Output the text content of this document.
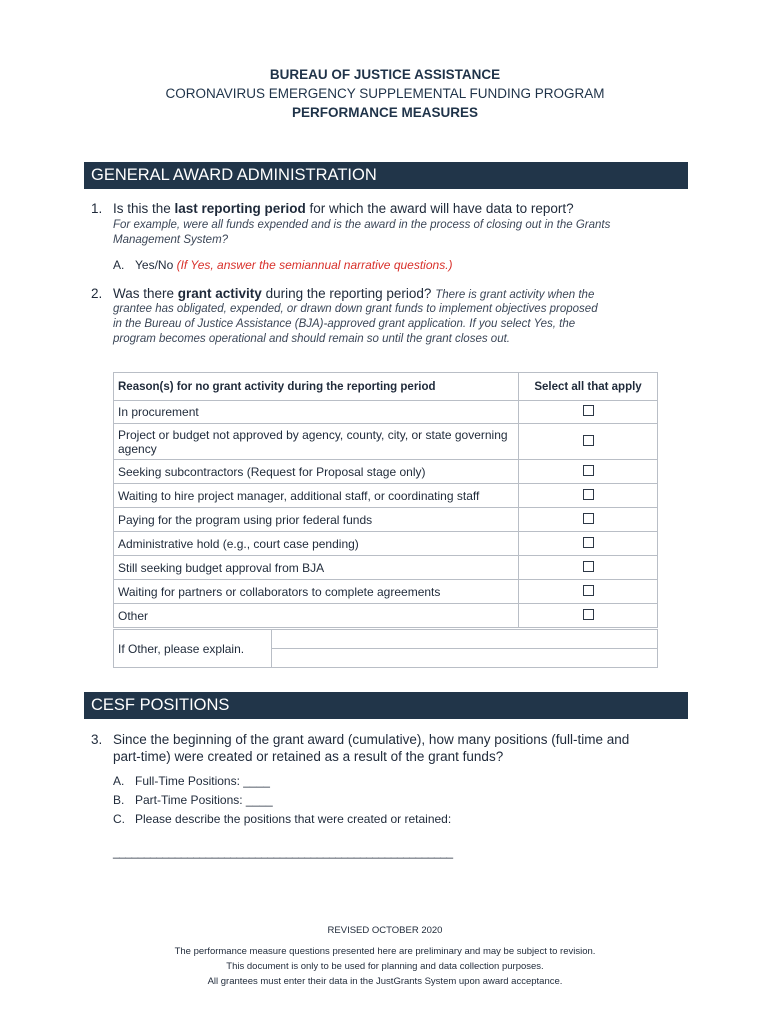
BUREAU OF JUSTICE ASSISTANCE
CORONAVIRUS EMERGENCY SUPPLEMENTAL FUNDING PROGRAM
PERFORMANCE MEASURES
GENERAL AWARD ADMINISTRATION
1. Is this the last reporting period for which the award will have data to report?
For example, were all funds expended and is the award in the process of closing out in the Grants
Management System?
A. Yes/No (If Yes, answer the semiannual narrative questions.)
2. Was there grant activity during the reporting period? There is grant activity when the
grantee has obligated, expended, or drawn down grant funds to implement objectives proposed
in the Bureau of Justice Assistance (BJA)-approved grant application. If you select Yes, the
program becomes operational and should remain so until the grant closes out.
Reason(s) for no grant activity during the reporting period	Select all that apply
In procurement	
Project or budget not approved by agency, county, city, or state governing agency	
Seeking subcontractors (Request for Proposal stage only)	
Waiting to hire project manager, additional staff, or coordinating staff	
Paying for the program using prior federal funds	
Administrative hold (e.g., court case pending)	
Still seeking budget approval from BJA	
Waiting for partners or collaborators to complete agreements	
Other	
If Other, please explain.	

CESF POSITIONS
3. Since the beginning of the grant award (cumulative), how many positions (full-time and
part-time) were created or retained as a result of the grant funds?
A. Full-Time Positions: ____
B. Part-Time Positions: ____
C. Please describe the positions that were created or retained:
_______________________________________________________
REVISED OCTOBER 2020
The performance measure questions presented here are preliminary and may be subject to revision.
This document is only to be used for planning and data collection purposes.
All grantees must enter their data in the JustGrants System upon award acceptance.
